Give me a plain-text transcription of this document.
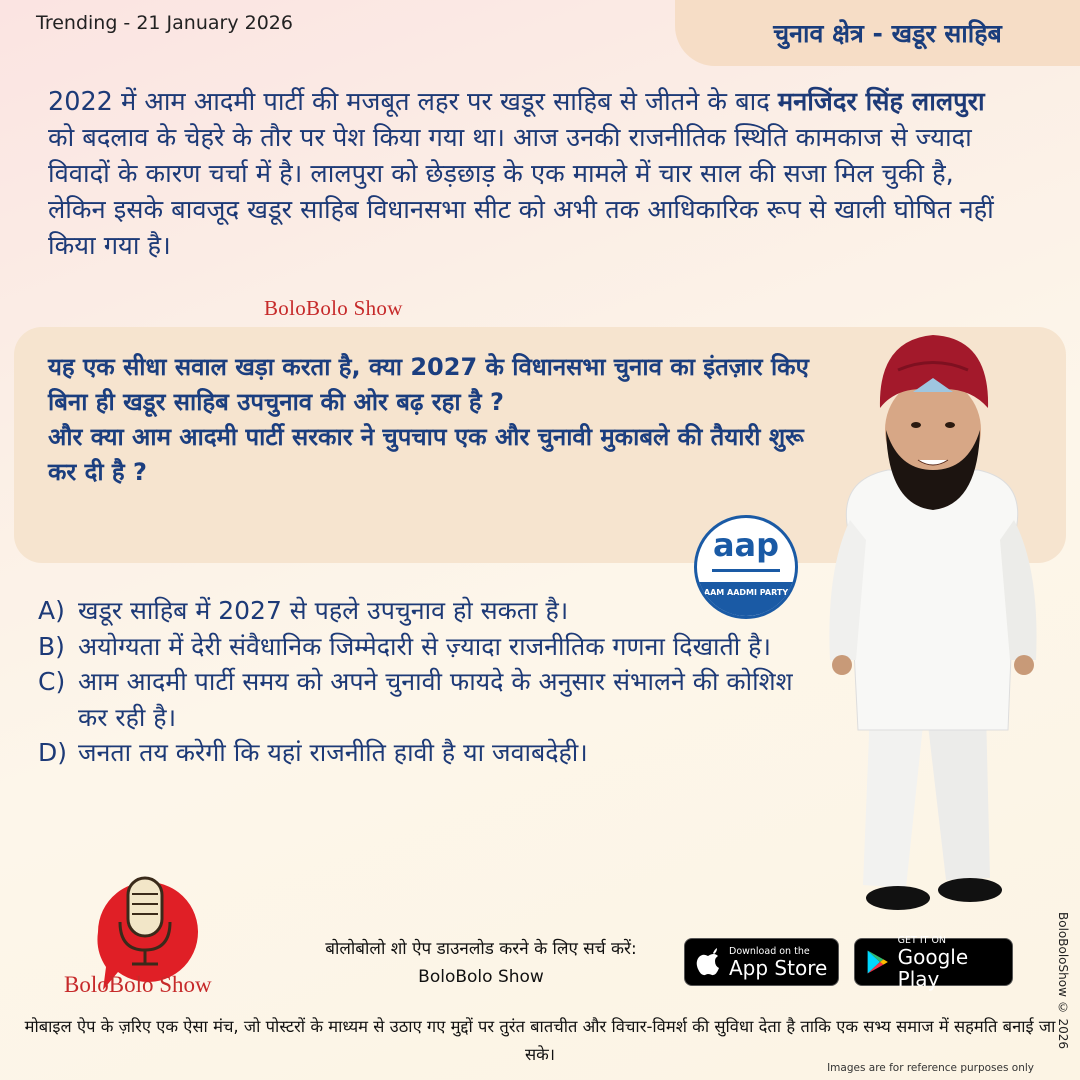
Trending - 21 January 2026	चुनाव क्षेत्र - खडूर साहिब
2022 में आम आदमी पार्टी की मजबूत लहर पर खडूर साहिब से जीतने के बाद मनजिंदर सिंह लालपुरा को बदलाव के चेहरे के तौर पर पेश किया गया था। आज उनकी राजनीतिक स्थिति कामकाज से ज्यादा विवादों के कारण चर्चा में है। लालपुरा को छेड़छाड़ के एक मामले में चार साल की सजा मिल चुकी है, लेकिन इसके बावजूद खडूर साहिब विधानसभा सीट को अभी तक आधिकारिक रूप से खाली घोषित नहीं किया गया है।
BoloBolo Show
यह एक सीधा सवाल खड़ा करता है, क्या 2027 के विधानसभा चुनाव का इंतज़ार किए बिना ही खडूर साहिब उपचुनाव की ओर बढ़ रहा है ?
और क्या आम आदमी पार्टी सरकार ने चुपचाप एक और चुनावी मुकाबले की तैयारी शुरू कर दी है ?
aap
AAM AADMI PARTY
A) खडूर साहिब में 2027 से पहले उपचुनाव हो सकता है।
B) अयोग्यता में देरी संवैधानिक जिम्मेदारी से ज़्यादा राजनीतिक गणना दिखाती है।
C) आम आदमी पार्टी समय को अपने चुनावी फायदे के अनुसार संभालने की कोशिश कर रही है।
D) जनता तय करेगी कि यहां राजनीति हावी है या जवाबदेही।
BoloBolo Show
बोलोबोलो शो ऐप डाउनलोड करने के लिए सर्च करें:
BoloBolo Show
Download on the
App Store
GET IT ON
Google Play
मोबाइल ऐप के ज़रिए एक ऐसा मंच, जो पोस्टरों के माध्यम से उठाए गए मुद्दों पर तुरंत बातचीत और विचार-विमर्श की सुविधा देता है ताकि एक सभ्य समाज में सहमति बनाई जा सके।
BoloBoloShow © 2026
Images are for reference purposes only
